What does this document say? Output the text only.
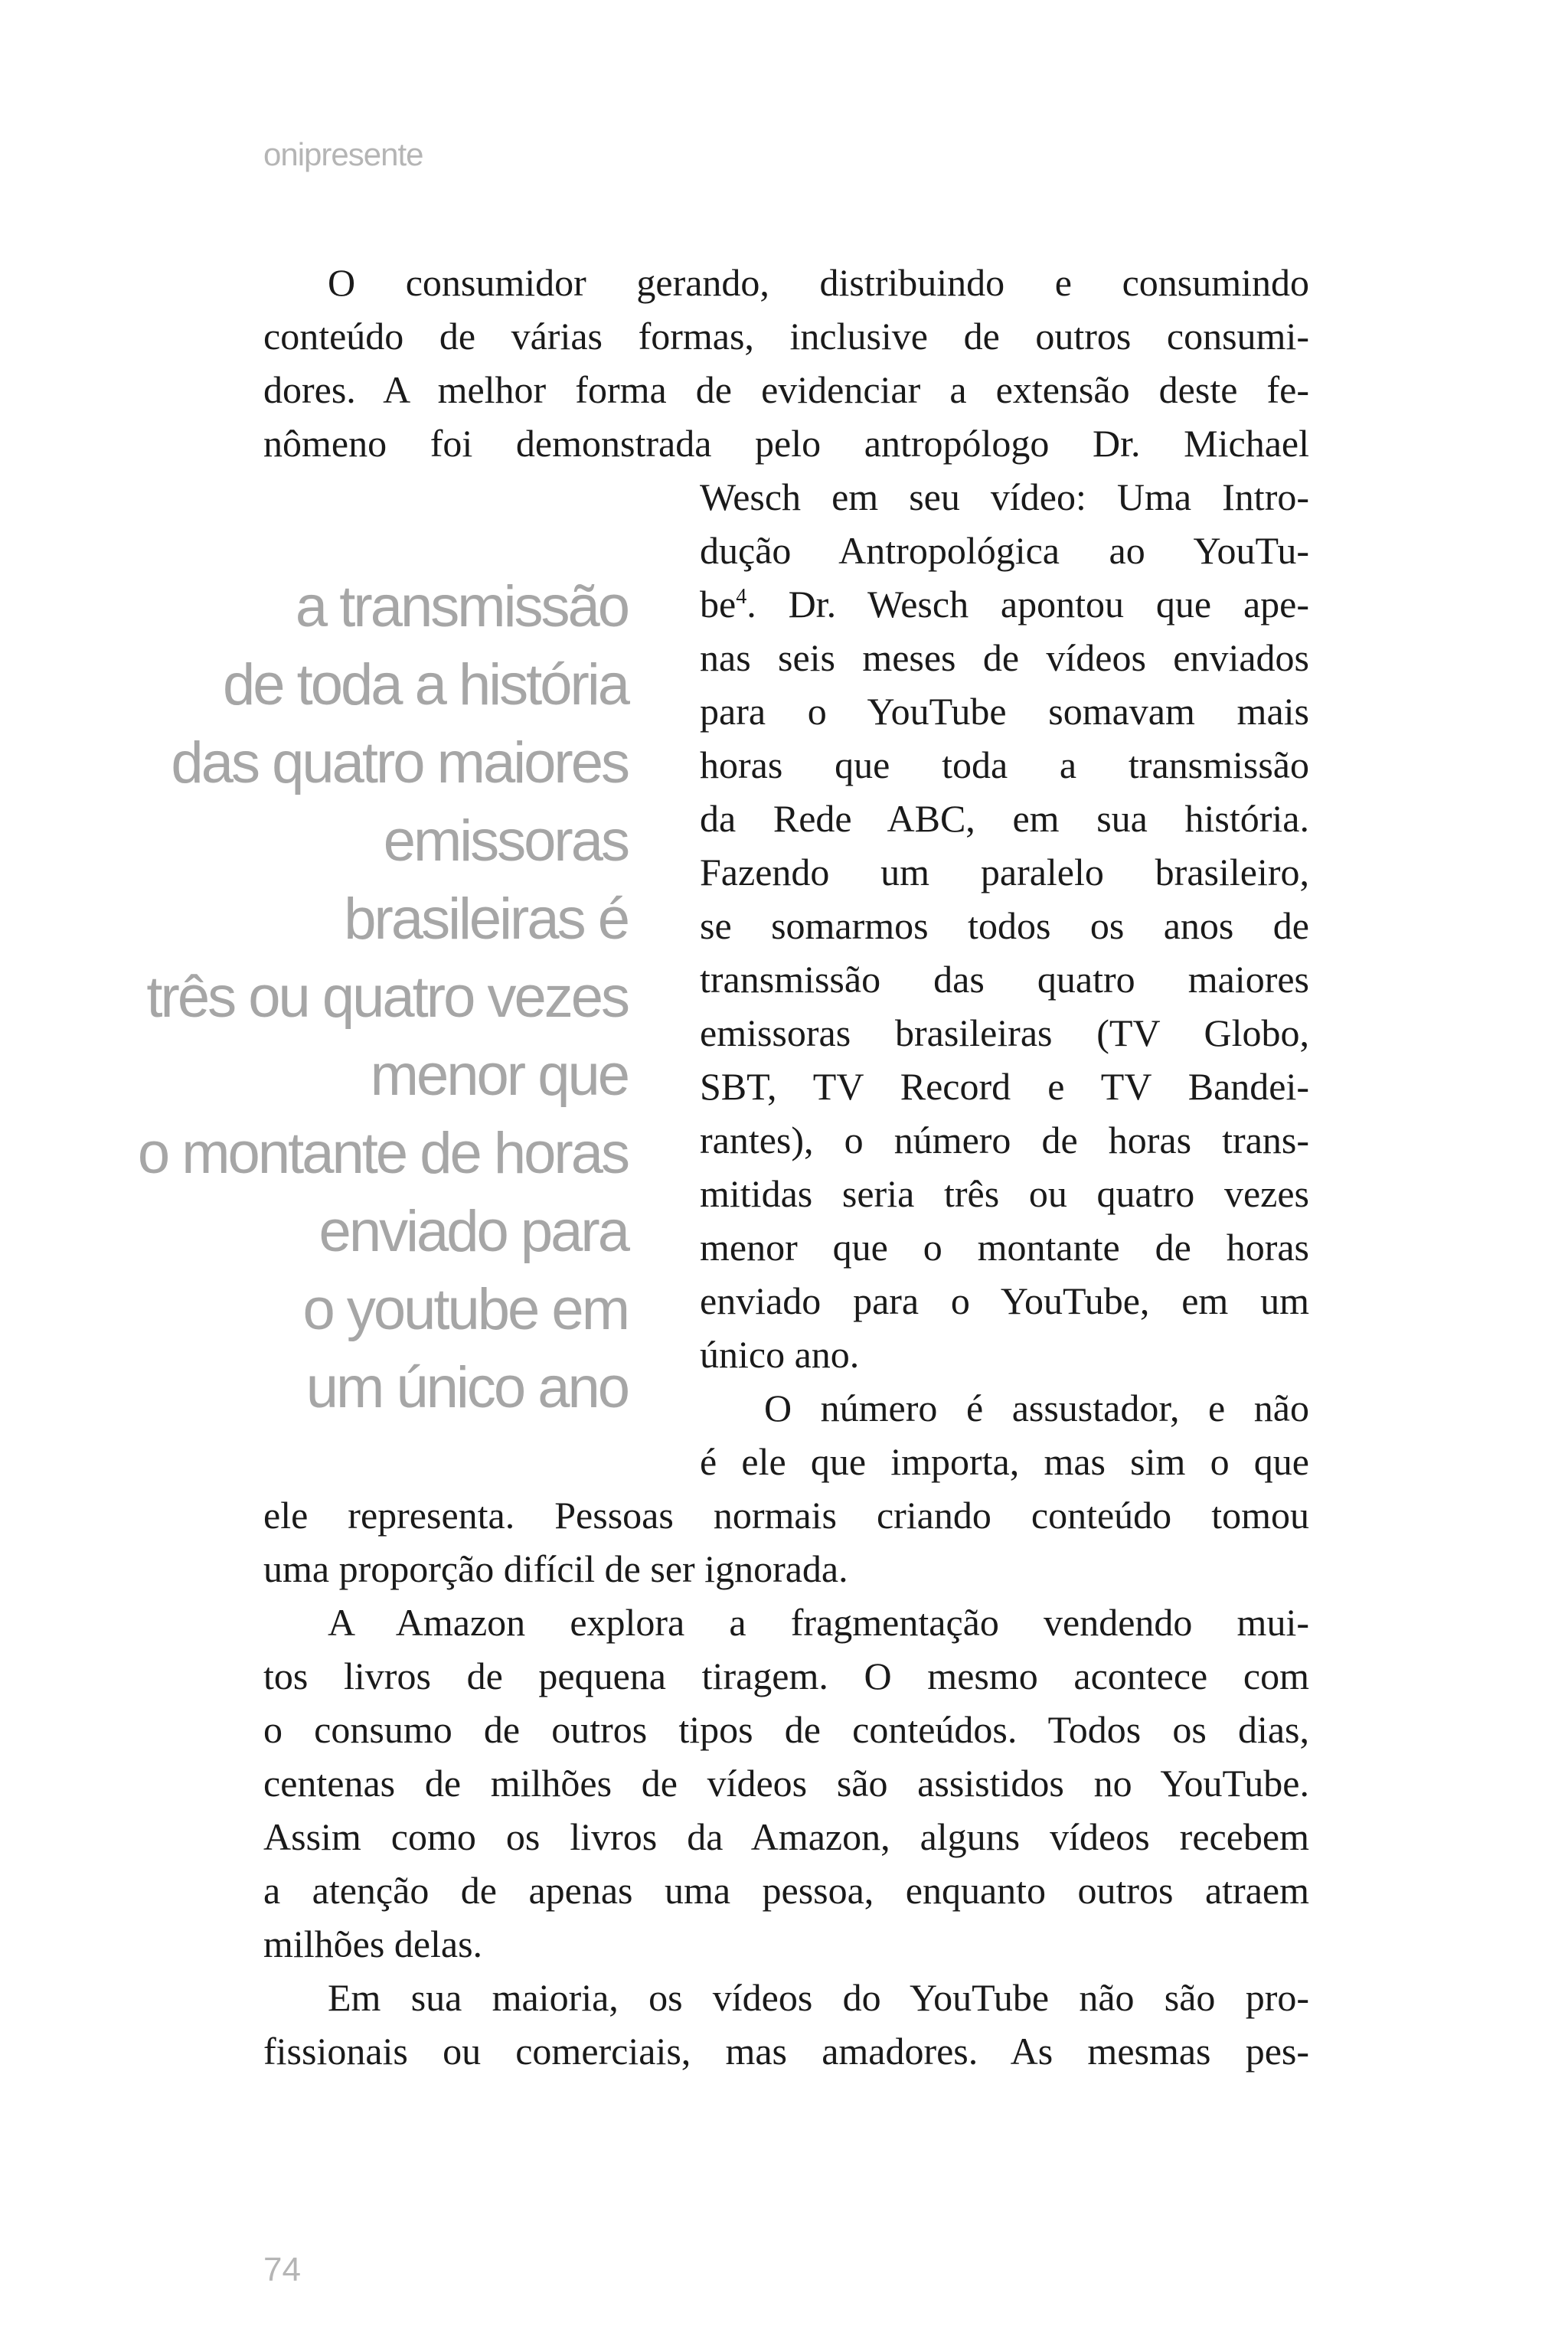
onipresente

O consumidor gerando, distribuindo e consumindo

conteúdo de várias formas, inclusive de outros consumi-

dores. A melhor forma de evidenciar a extensão deste fe-

nômeno foi demonstrada pelo antropólogo Dr. Michael

Wesch em seu vídeo: Uma Intro-

dução Antropológica ao YouTu-

$be^4$. Dr. Wesch apontou que ape-

nas seis meses de vídeos enviados

para o YouTube somavam mais

horas que toda a transmissão

da Rede ABC, em sua história.

Fazendo um paralelo brasileiro,

se somarmos todos os anos de

transmissão das quatro maiores

emissoras brasileiras (TV Globo,

SBT, TV Record e TV Bandei-

rantes), o número de horas trans-

mitidas seria três ou quatro vezes

menor que o montante de horas

enviado para o YouTube, em um

único ano.

O número é assustador, e não

é ele que importa, mas sim o que

ele representa. Pessoas normais criando conteúdo tomou

uma proporção difícil de ser ignorada.

A Amazon explora a fragmentação vendendo mui-

tos livros de pequena tiragem. O mesmo acontece com

o consumo de outros tipos de conteúdos. Todos os dias,

centenas de milhões de vídeos são assistidos no YouTube.

Assim como os livros da Amazon, alguns vídeos recebem

a atenção de apenas uma pessoa, enquanto outros atraem

milhões delas.

Em sua maioria, os vídeos do YouTube não são pro-

fissionais ou comerciais, mas amadores. As mesmas pes-

a transmissão
de toda a história
das quatro maiores
emissoras
brasileiras é
três ou quatro vezes
menor que
o montante de horas
enviado para
o youtube em
um único ano

74
